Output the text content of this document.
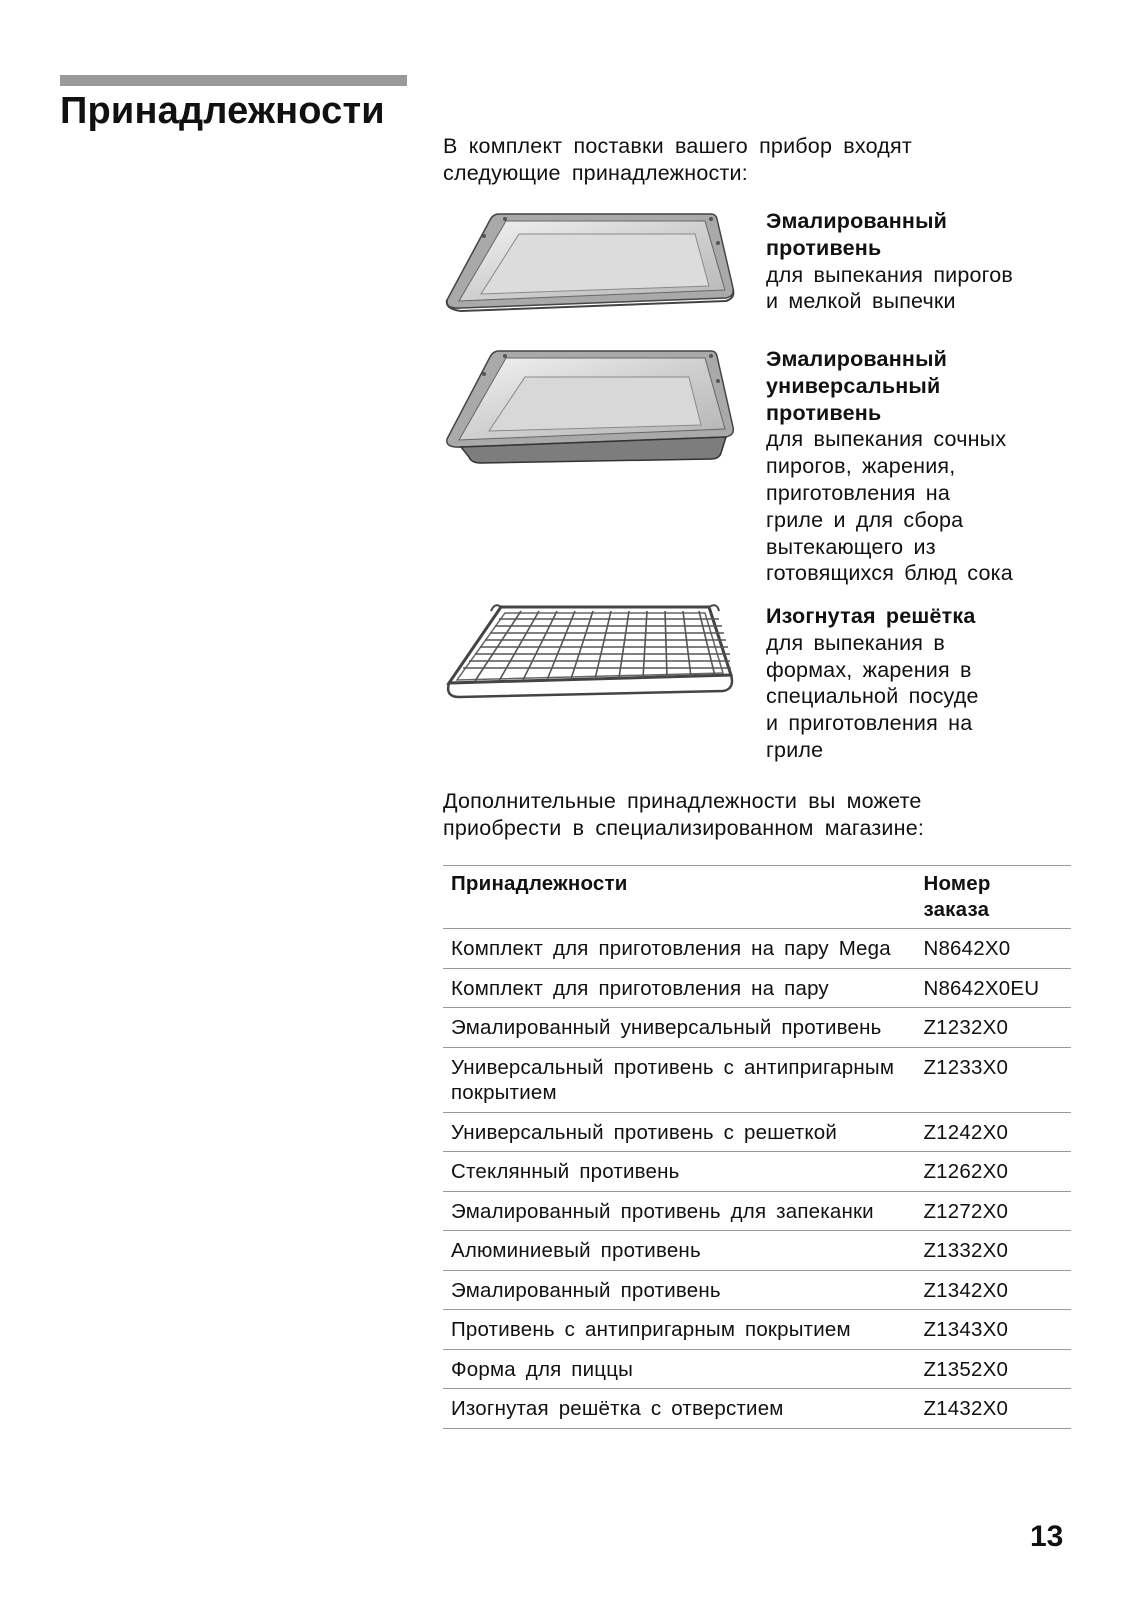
Принадлежности

В комплект поставки вашего прибор входят
следующие принадлежности:

Эмалированный
противень
для выпекания пирогов
и мелкой выпечки
Эмалированный
универсальный
противень
для выпекания сочных
пирогов, жарения,
приготовления на
гриле и для сбора
вытекающего из
готовящихся блюд сока
Изогнутая решётка
для выпекания в
формах, жарения в
специальной посуде
и приготовления на
гриле

Дополнительные принадлежности вы можете
приобрести в специализированном магазине:

Принадлежности	Номер заказа
Комплект для приготовления на пару Mega	N8642X0
Комплект для приготовления на пару	N8642X0EU
Эмалированный универсальный противень	Z1232X0
Универсальный противень с антипригарным покрытием	Z1233X0
Универсальный противень с решеткой	Z1242X0
Стеклянный противень	Z1262X0
Эмалированный противень для запеканки	Z1272X0
Алюминиевый противень	Z1332X0
Эмалированный противень	Z1342X0
Противень с антипригарным покрытием	Z1343X0
Форма для пиццы	Z1352X0
Изогнутая решётка с отверстием	Z1432X0
13
